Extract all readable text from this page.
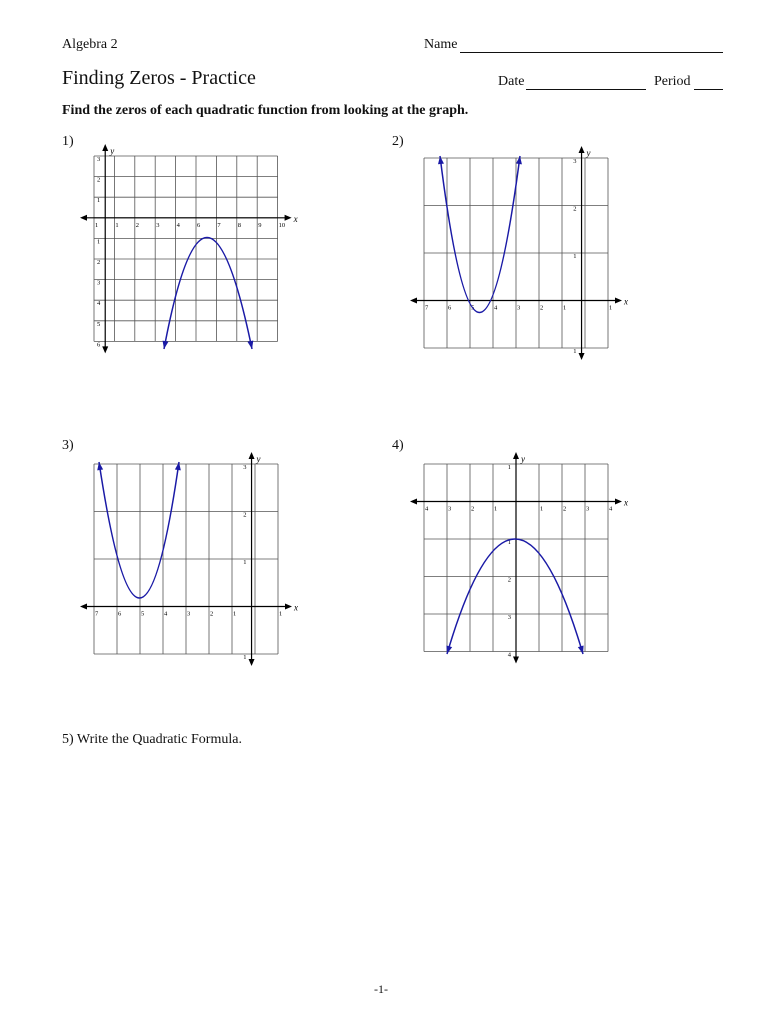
Algebra 2	Name
Finding Zeros - Practice	Date	Period
Find the zeros of each quadratic function from looking at the graph.
1)
x
y
1	1	2	3	4	6	7	8	9	10
3
2
1
1
2
3
4
5
6
2)
x
y
7	6	5	4	3	2	1	1
3
2
1
1
3)
x
y
7	6	5	4	3	2	1	1
3
2
1
1
4)
x
y
4	3	2	1	1	2	3	4
1
1
2
3
4
5) Write the Quadratic Formula.
-1-
